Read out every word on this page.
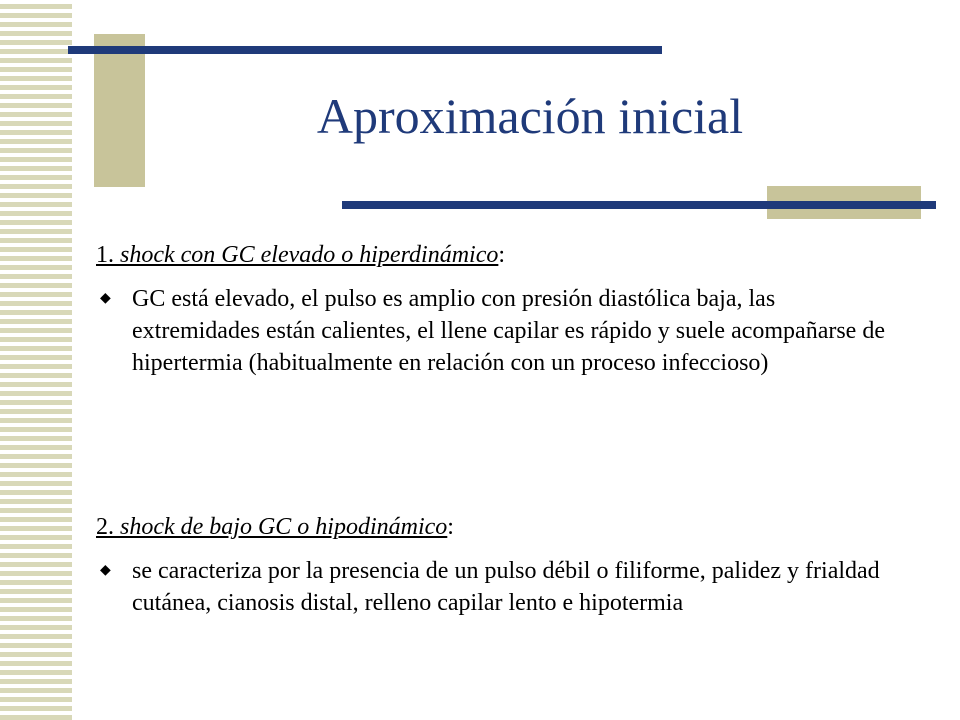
Aproximación inicial
1. shock con GC elevado o hiperdinámico:
◆ GC está elevado, el pulso es amplio con presión diastólica baja, las extremidades están calientes, el llene capilar es rápido y suele acompañarse de hipertermia (habitualmente en relación con un proceso infeccioso)
2. shock de bajo GC o hipodinámico:
◆ se caracteriza por la presencia de un pulso débil o filiforme, palidez y frialdad cutánea, cianosis distal, relleno capilar lento e hipotermia
